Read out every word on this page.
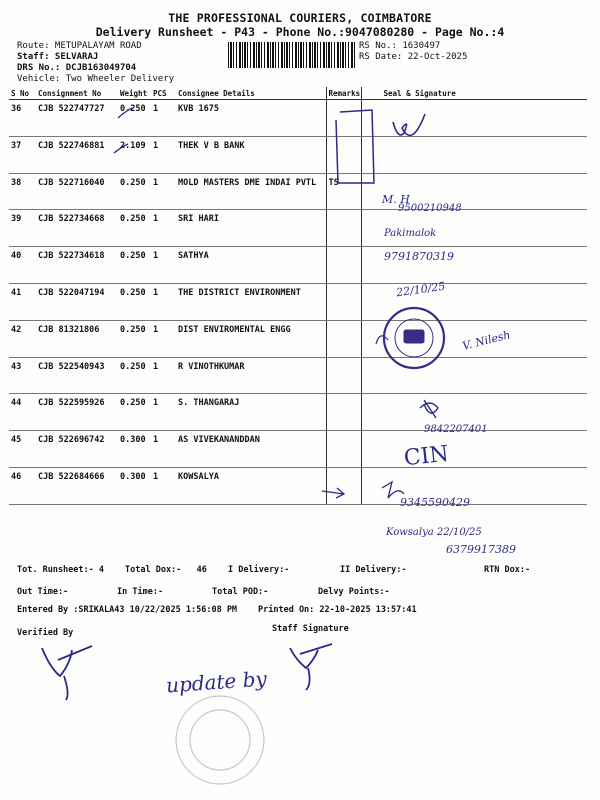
THE PROFESSIONAL COURIERS, COIMBATORE
Delivery Runsheet - P43 - Phone No.:9047080280 - Page No.:4
Route: METUPALAYAM ROAD
Staff: SELVARAJ
DRS No.: DCJB163049704
Vehicle: Two Wheeler Delivery
RS No.: 1630497
RS Date: 22-Oct-2025
S No	Consignment No	Weight	PCS	Consignee Details	Remarks	Seal & Signature
36	CJB 522747727	0.250	1	KVB 1675		
37	CJB 522746881	2.109	1	THEK V B BANK		
38	CJB 522716040	0.250	1	MOLD MASTERS DME INDAI PVTL	TS	
39	CJB 522734668	0.250	1	SRI HARI		
40	CJB 522734618	0.250	1	SATHYA		
41	CJB 522047194	0.250	1	THE DISTRICT ENVIRONMENT		
42	CJB 81321806	0.250	1	DIST ENVIROMENTAL ENGG		
43	CJB 522540943	0.250	1	R VINOTHKUMAR		
44	CJB 522595926	0.250	1	S. THANGARAJ		
45	CJB 522696742	0.300	1	AS VIVEKANANDDAN		
46	CJB 522684666	0.300	1	KOWSALYA		
M. H
9500210948
Pakimalok
9791870319
22/10/25
V. Nilesh
9842207401
CIN
9345590429
Kowsalya 22/10/25
6379917389
update by
Tot. Runsheet:- 4 Total Dox:-   46 I Delivery:-	II Delivery:-	RTN Dox:-
Out Time:-	In Time:-	Total POD:-	Delvy Points:-
Entered By :SRIKALA43 10/22/2025 1:56:08 PM Printed On: 22-10-2025 13:57:41
Verified By	Staff Signature
